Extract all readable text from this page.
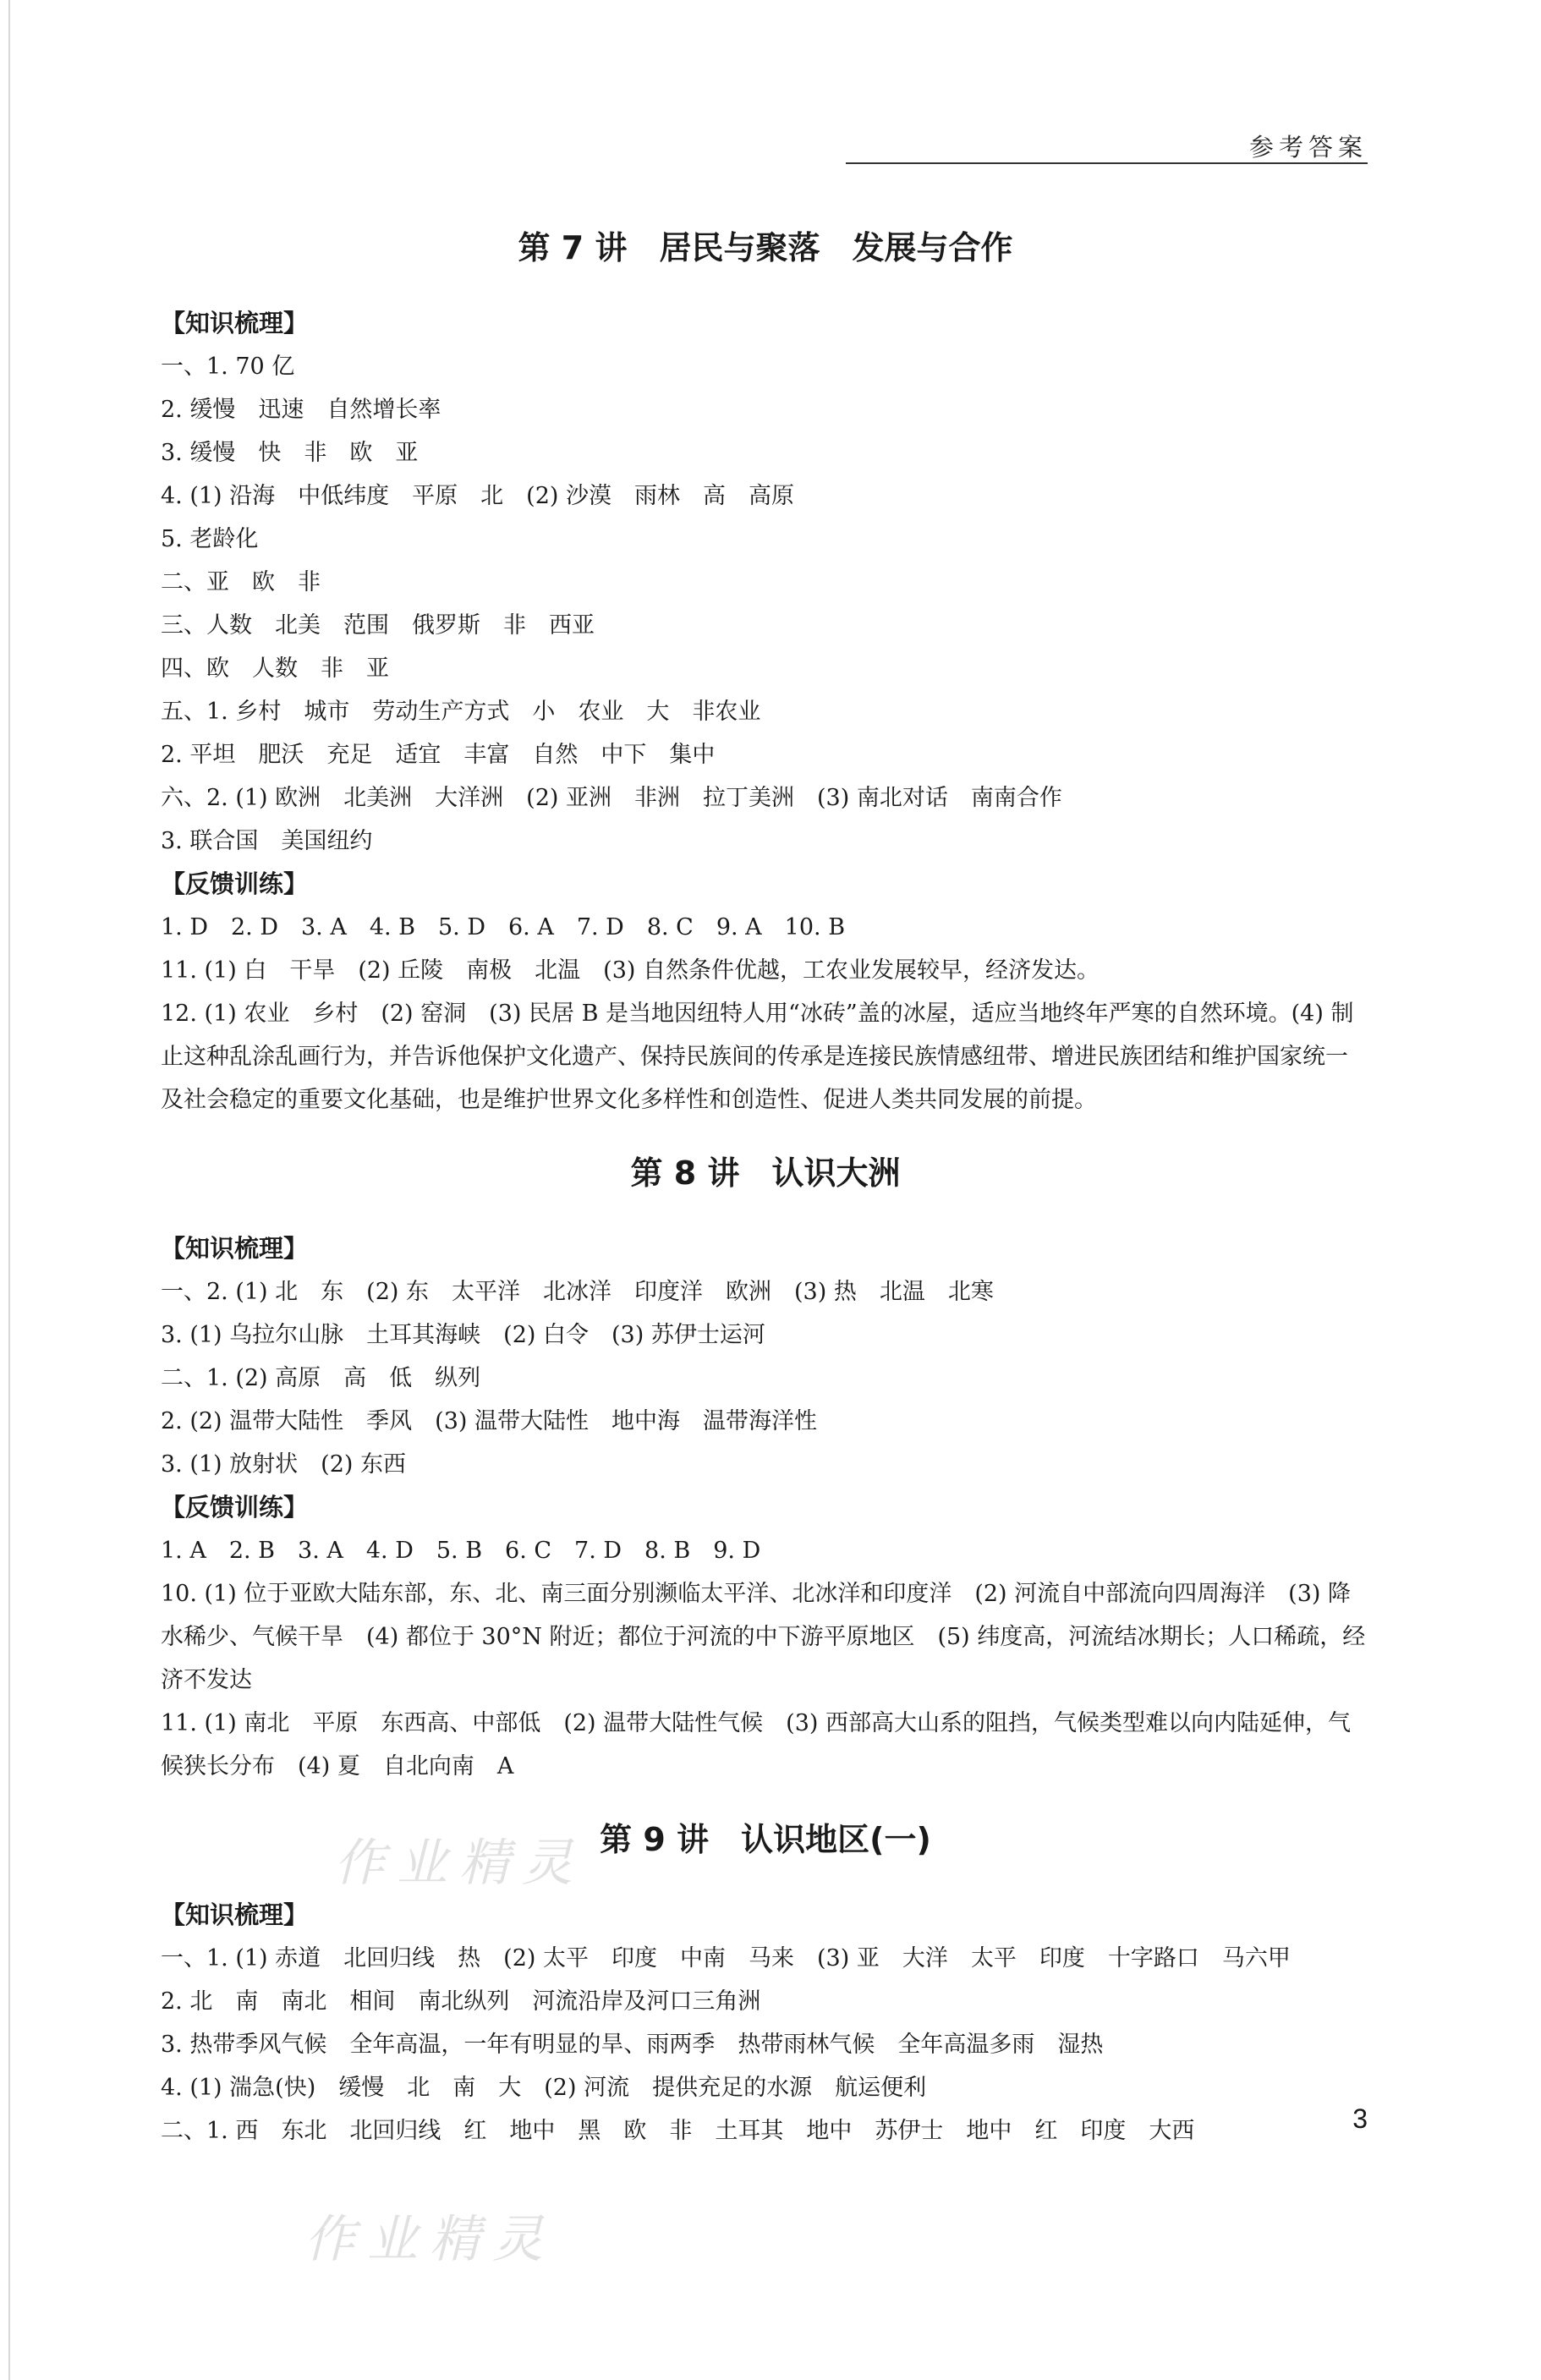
参考答案
作业精灵
作业精灵
第 7 讲　居民与聚落　发展与合作
【知识梳理】
一、1. 70 亿
2. 缓慢　迅速　自然增长率
3. 缓慢　快　非　欧　亚
4. (1) 沿海　中低纬度　平原　北　(2) 沙漠　雨林　高　高原
5. 老龄化
二、亚　欧　非
三、人数　北美　范围　俄罗斯　非　西亚
四、欧　人数　非　亚
五、1. 乡村　城市　劳动生产方式　小　农业　大　非农业
2. 平坦　肥沃　充足　适宜　丰富　自然　中下　集中
六、2. (1) 欧洲　北美洲　大洋洲　(2) 亚洲　非洲　拉丁美洲　(3) 南北对话　南南合作
3. 联合国　美国纽约
【反馈训练】
1. D　2. D　3. A　4. B　5. D　6. A　7. D　8. C　9. A　10. B
11. (1) 白　干旱　(2) 丘陵　南极　北温　(3) 自然条件优越，工农业发展较早，经济发达。
12. (1) 农业　乡村　(2) 窑洞　(3) 民居 B 是当地因纽特人用“冰砖”盖的冰屋，适应当地终年严寒的自然环境。(4) 制止这种乱涂乱画行为，并告诉他保护文化遗产、保持民族间的传承是连接民族情感纽带、增进民族团结和维护国家统一及社会稳定的重要文化基础，也是维护世界文化多样性和创造性、促进人类共同发展的前提。
第 8 讲　认识大洲
【知识梳理】
一、2. (1) 北　东　(2) 东　太平洋　北冰洋　印度洋　欧洲　(3) 热　北温　北寒
3. (1) 乌拉尔山脉　土耳其海峡　(2) 白令　(3) 苏伊士运河
二、1. (2) 高原　高　低　纵列
2. (2) 温带大陆性　季风　(3) 温带大陆性　地中海　温带海洋性
3. (1) 放射状　(2) 东西
【反馈训练】
1. A　2. B　3. A　4. D　5. B　6. C　7. D　8. B　9. D
10. (1) 位于亚欧大陆东部，东、北、南三面分别濒临太平洋、北冰洋和印度洋　(2) 河流自中部流向四周海洋　(3) 降水稀少、气候干旱　(4) 都位于 30°N 附近；都位于河流的中下游平原地区　(5) 纬度高，河流结冰期长；人口稀疏，经济不发达
11. (1) 南北　平原　东西高、中部低　(2) 温带大陆性气候　(3) 西部高大山系的阻挡，气候类型难以向内陆延伸，气候狭长分布　(4) 夏　自北向南　A
第 9 讲　认识地区(一)
【知识梳理】
一、1. (1) 赤道　北回归线　热　(2) 太平　印度　中南　马来　(3) 亚　大洋　太平　印度　十字路口　马六甲
2. 北　南　南北　相间　南北纵列　河流沿岸及河口三角洲
3. 热带季风气候　全年高温，一年有明显的旱、雨两季　热带雨林气候　全年高温多雨　湿热
4. (1) 湍急(快)　缓慢　北　南　大　(2) 河流　提供充足的水源　航运便利
二、1. 西　东北　北回归线　红　地中　黑　欧　非　土耳其　地中　苏伊士　地中　红　印度　大西	3
